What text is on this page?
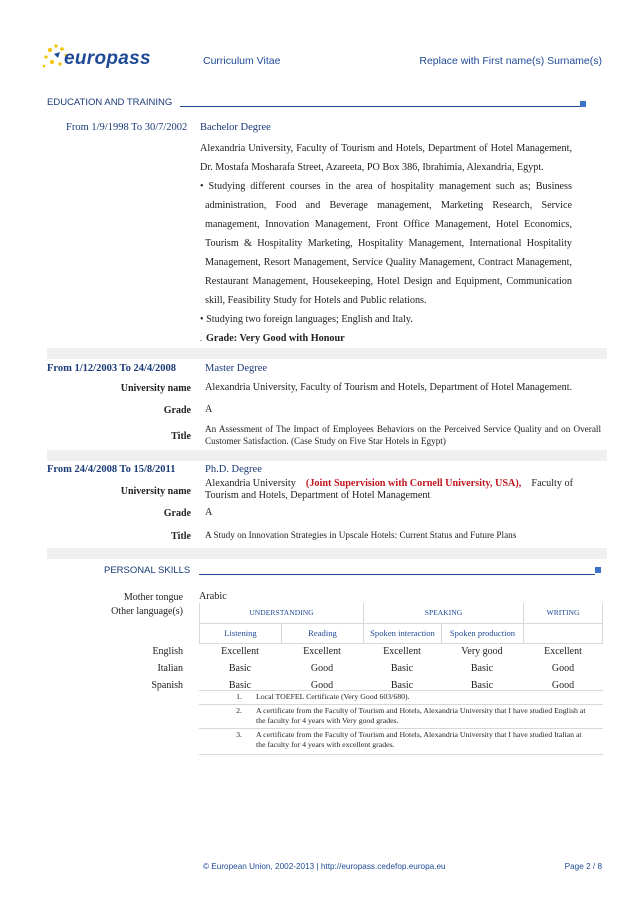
europass	Curriculum Vitae	Replace with First name(s) Surname(s)
EDUCATION AND TRAINING
From 1/9/1998 To 30/7/2002 Bachelor Degree
Alexandria University, Faculty of Tourism and Hotels, Department of Hotel Management,
Dr. Mostafa Mosharafa Street, Azareeta, PO Box 386, Ibrahimia, Alexandria, Egypt.
• Studying different courses in the area of hospitality management such as; Business
administration, Food and Beverage management, Marketing Research, Service
management, Innovation Management, Front Office Management, Hotel Economics,
Tourism & Hospitality Marketing, Hospitality Management, International Hospitality
Management, Resort Management, Service Quality Management, Contract Management,
Restaurant Management, Housekeeping, Hotel Design and Equipment, Communication
skill, Feasibility Study for Hotels and Public relations.
• Studying two foreign languages; English and Italy.
. Grade: Very Good with Honour
From 1/12/2003 To 24/4/2008	Master Degree
University name Alexandria University, Faculty of Tourism and Hotels, Department of Hotel Management.
Grade A
Title
An Assessment of The Impact of Employees Behaviors on the Perceived Service Quality and on Overall
Customer Satisfaction. (Case Study on Five Star Hotels in Egypt)
From 24/4/2008 To 15/8/2011	Ph.D. Degree
University name
Alexandria University (Joint Supervision with Cornell University, USA), Faculty of
Tourism and Hotels, Department of Hotel Management
Grade A
Title A Study on Innovation Strategies in Upscale Hotels: Current Status and Future Plans
PERSONAL SKILLS
Mother tongue Arabic
Other language(s)	UNDERSTANDING		SPEAKING		WRITING
Listening	Reading	Spoken interaction	Spoken production	
English	Excellent	Excellent	Excellent	Very good	Excellent
Italian	Basic	Good	Basic	Basic	Good
Spanish	Basic	Good	Basic	Basic	Good
1.	Local TOEFEL Certificate (Very Good 603/680).
2.	A certificate from the Faculty of Tourism and Hotels, Alexandria University that I have studied English at
the faculty for 4 years with Very good grades.
3.	A certificate from the Faculty of Tourism and Hotels, Alexandria University that I have studied Italian at
the faculty for 4 years with excellent grades.
© European Union, 2002-2013 | http://europass.cedefop.europa.eu	Page 2 / 8
